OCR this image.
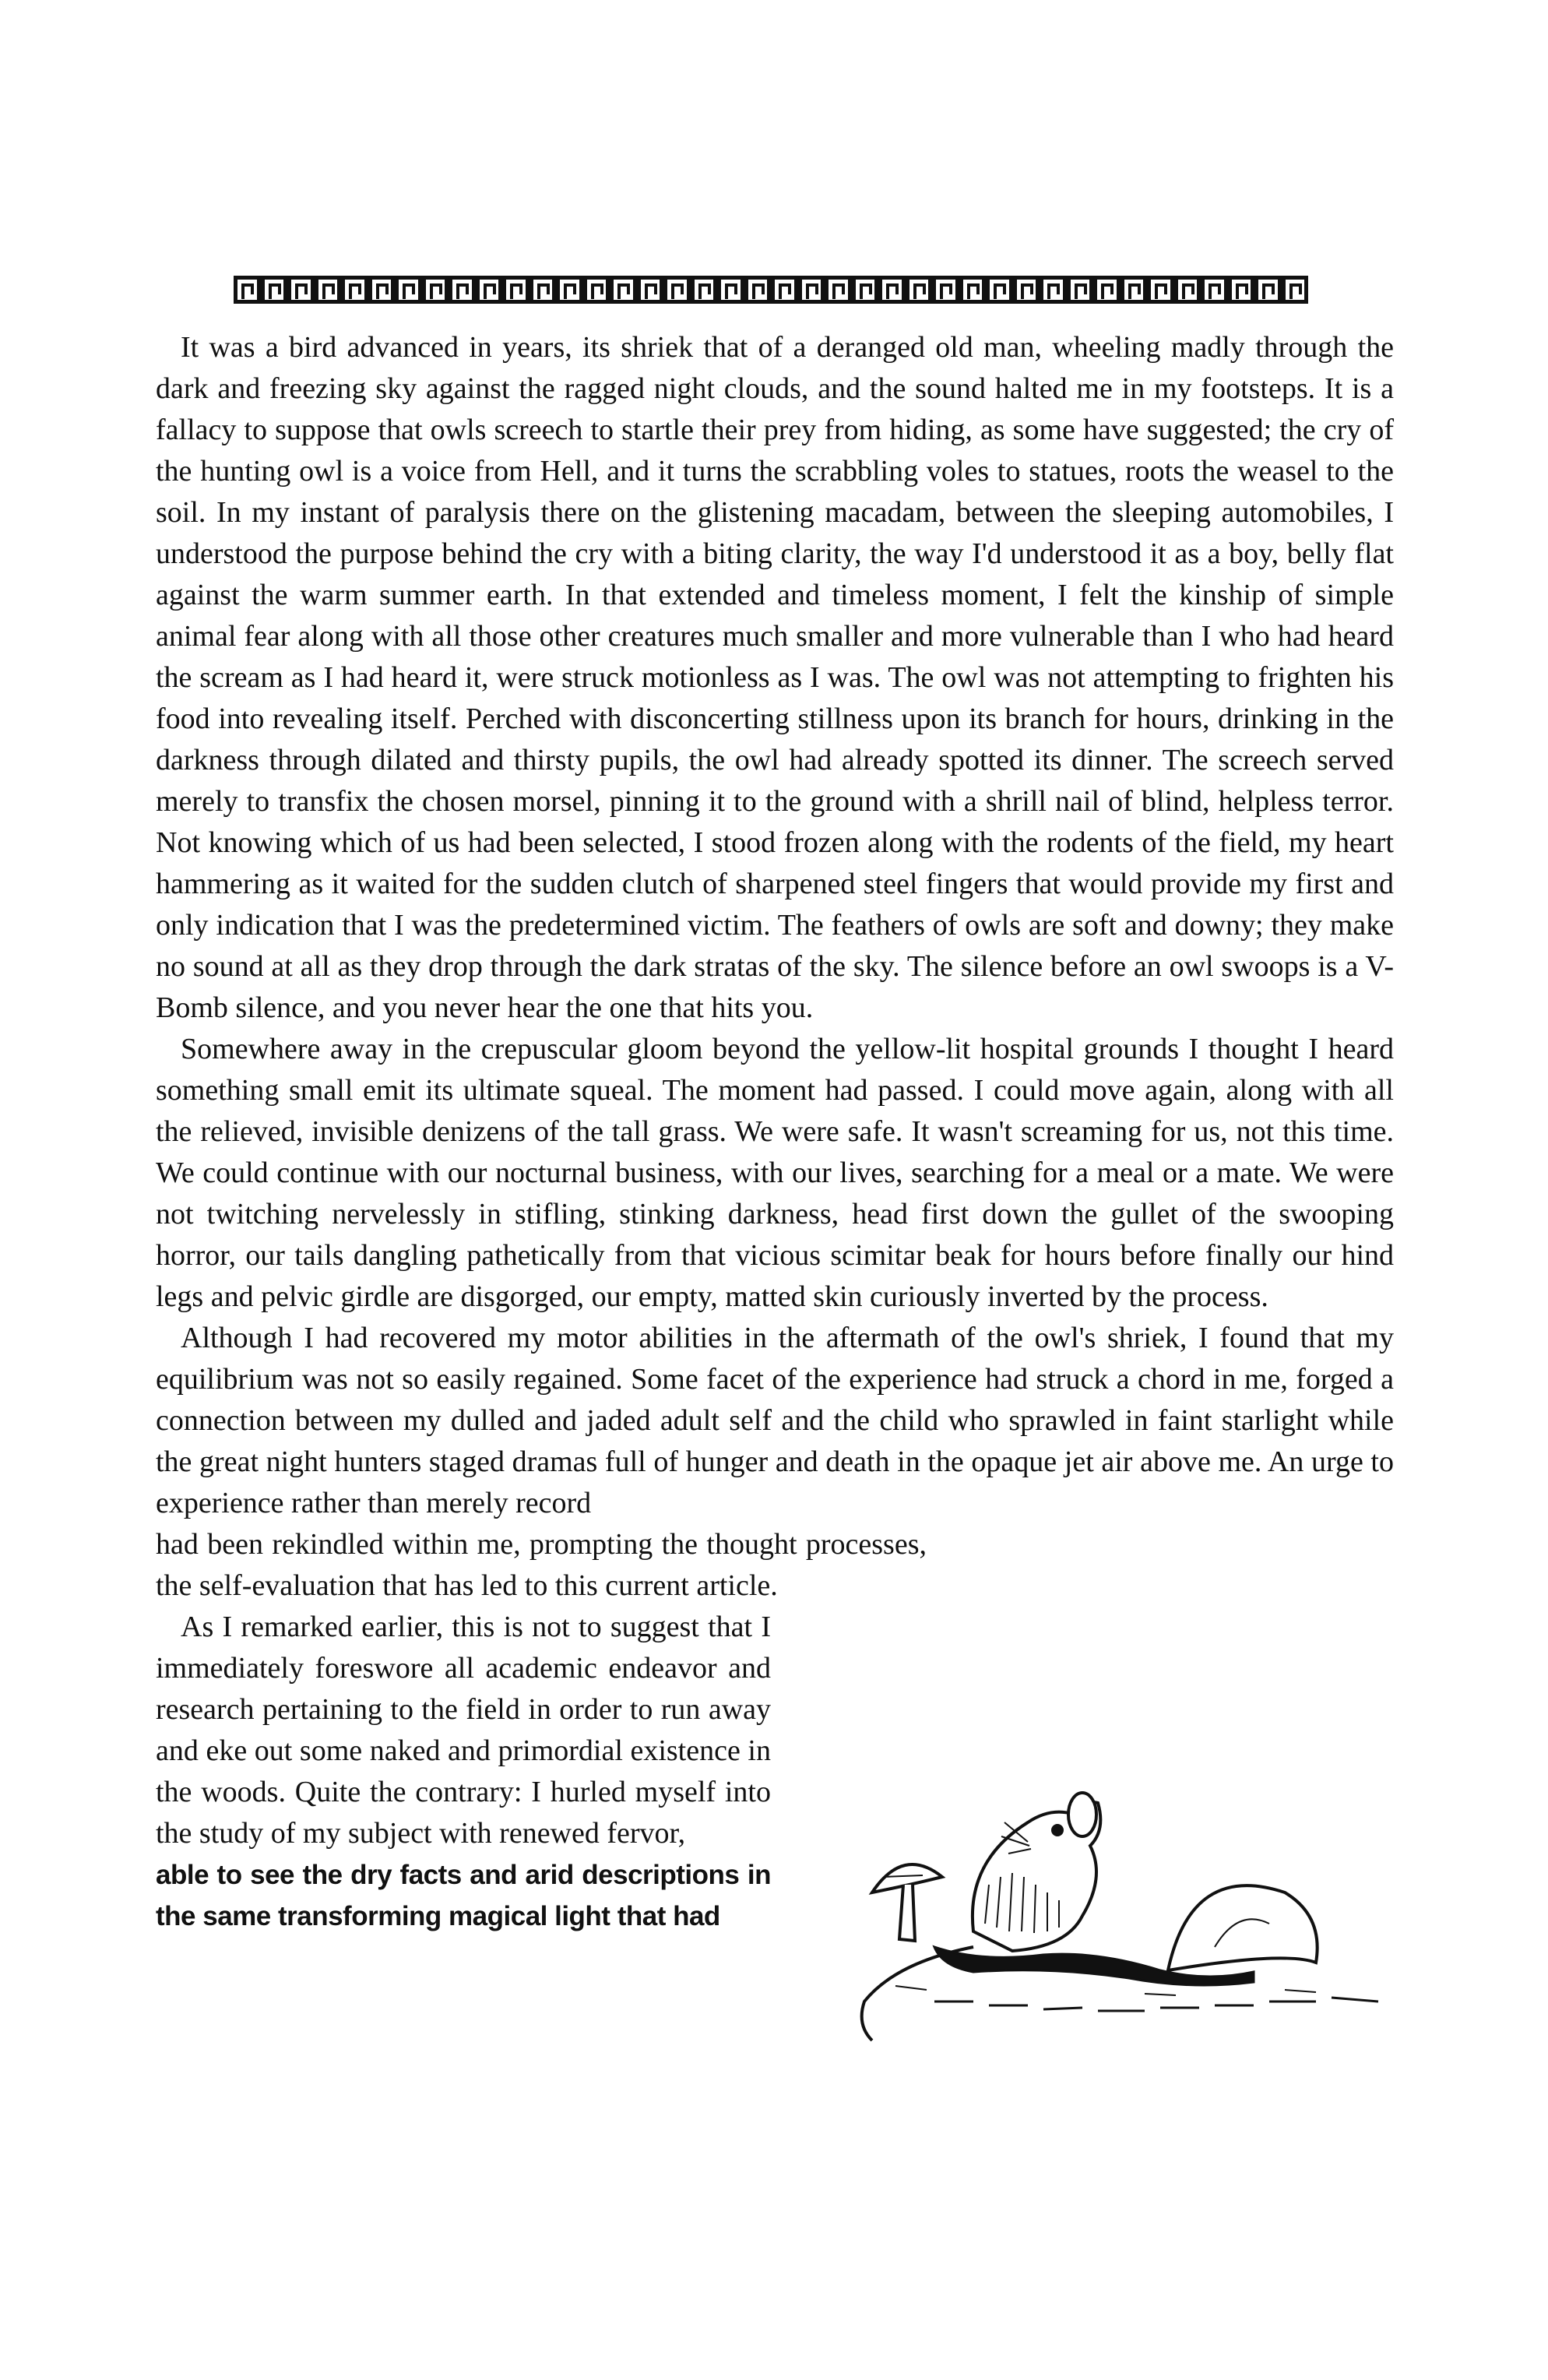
It was a bird advanced in years, its shriek that of a deranged old man, wheeling madly through the dark and freezing sky against the ragged night clouds, and the sound halted me in my footsteps. It is a fallacy to suppose that owls screech to startle their prey from hiding, as some have suggested; the cry of the hunting owl is a voice from Hell, and it turns the scrabbling voles to statues, roots the weasel to the soil. In my instant of paralysis there on the glistening macadam, between the sleeping automobiles, I understood the purpose behind the cry with a biting clarity, the way I'd understood it as a boy, belly flat against the warm summer earth. In that extended and timeless moment, I felt the kinship of simple animal fear along with all those other creatures much smaller and more vulnerable than I who had heard the scream as I had heard it, were struck motionless as I was. The owl was not attempting to frighten his food into revealing itself. Perched with disconcerting stillness upon its branch for hours, drinking in the darkness through dilated and thirsty pupils, the owl had already spotted its dinner. The screech served merely to transfix the chosen morsel, pinning it to the ground with a shrill nail of blind, helpless terror. Not knowing which of us had been selected, I stood frozen along with the rodents of the field, my heart hammering as it waited for the sudden clutch of sharpened steel fingers that would provide my first and only indication that I was the predetermined victim. The feathers of owls are soft and downy; they make no sound at all as they drop through the dark stratas of the sky. The silence before an owl swoops is a V-Bomb silence, and you never hear the one that hits you.

Somewhere away in the crepuscular gloom beyond the yellow-lit hospital grounds I thought I heard something small emit its ultimate squeal. The moment had passed. I could move again, along with all the relieved, invisible denizens of the tall grass. We were safe. It wasn't screaming for us, not this time. We could continue with our nocturnal business, with our lives, searching for a meal or a mate. We were not twitching nervelessly in stifling, stinking darkness, head first down the gullet of the swooping horror, our tails dangling pathetically from that vicious scimitar beak for hours before finally our hind legs and pelvic girdle are disgorged, our empty, matted skin curiously inverted by the process.

Although I had recovered my motor abilities in the aftermath of the owl's shriek, I found that my equilibrium was not so easily regained. Some facet of the experience had struck a chord in me, forged a connection between my dulled and jaded adult self and the child who sprawled in faint starlight while the great night hunters staged dramas full of hunger and death in the opaque jet air above me. An urge to experience rather than merely record

had been rekindled within me, prompting the thought processes, the self-evaluation that has led to this current article.

As I remarked earlier, this is not to suggest that I immediately foreswore all academic endeavor and research pertaining to the field in order to run away and eke out some naked and primordial existence in the woods. Quite the contrary: I hurled myself into the study of my subject with renewed fervor,

able to see the dry facts and arid descriptions in the same transforming magical light that had
